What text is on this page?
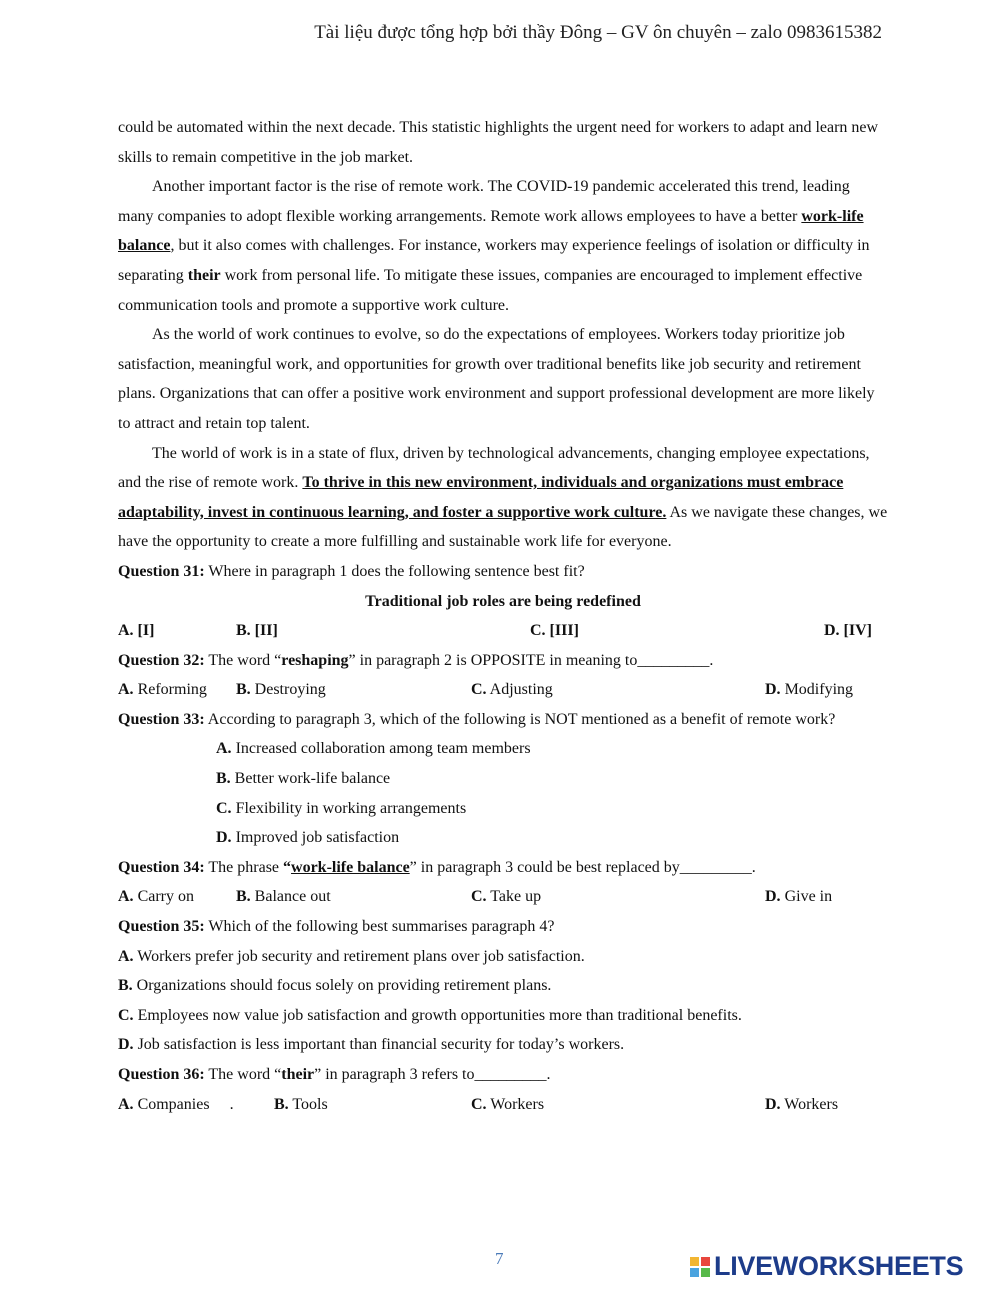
Tài liệu được tổng hợp bởi thầy Đông – GV ôn chuyên – zalo 0983615382

could be automated within the next decade. This statistic highlights the urgent need for workers to adapt and learn new skills to remain competitive in the job market.

Another important factor is the rise of remote work. The COVID-19 pandemic accelerated this trend, leading many companies to adopt flexible working arrangements. Remote work allows employees to have a better work-life balance, but it also comes with challenges. For instance, workers may experience feelings of isolation or difficulty in separating their work from personal life. To mitigate these issues, companies are encouraged to implement effective communication tools and promote a supportive work culture.

As the world of work continues to evolve, so do the expectations of employees. Workers today prioritize job satisfaction, meaningful work, and opportunities for growth over traditional benefits like job security and retirement plans. Organizations that can offer a positive work environment and support professional development are more likely to attract and retain top talent.

The world of work is in a state of flux, driven by technological advancements, changing employee expectations, and the rise of remote work. To thrive in this new environment, individuals and organizations must embrace adaptability, invest in continuous learning, and foster a supportive work culture. As we navigate these changes, we have the opportunity to create a more fulfilling and sustainable work life for everyone.

Question 31: Where in paragraph 1 does the following sentence best fit?

Traditional job roles are being redefined

A. [I]	B. [II]	C. [III]	D. [IV]

Question 32: The word “reshaping” in paragraph 2 is OPPOSITE in meaning to_________.

A. Reforming	B. Destroying	C. Adjusting	D. Modifying

Question 33: According to paragraph 3, which of the following is NOT mentioned as a benefit of remote work?

A. Increased collaboration among team members

B. Better work-life balance

C. Flexibility in working arrangements

D. Improved job satisfaction

Question 34: The phrase “work-life balance” in paragraph 3 could be best replaced by_________.

A. Carry on	B. Balance out	C. Take up	D. Give in

Question 35: Which of the following best summarises paragraph 4?

A. Workers prefer job security and retirement plans over job satisfaction.

B. Organizations should focus solely on providing retirement plans.

C. Employees now value job satisfaction and growth opportunities more than traditional benefits.

D. Job satisfaction is less important than financial security for today’s workers.

Question 36: The word “their” in paragraph 3 refers to_________.

A. Companies .	B. Tools	C. Workers	D. Workers
7	LIVEWORKSHEETS
